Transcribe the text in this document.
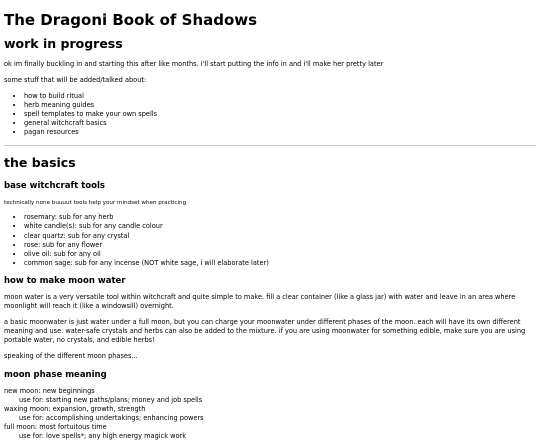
The Dragoni Book of Shadows
work in progress

ok im finally buckling in and starting this after like months. i'll start putting the info in and i'll make her pretty later

some stuff that will be added/talked about:

• how to build ritual
• herb meaning guides
• spell templates to make your own spells
• general witchcraft basics
• pagan resources
the basics
base witchcraft tools

technically none buuuut tools help your mindset when practicing

• rosemary: sub for any herb
• white candle(s): sub for any candle colour
• clear quartz: sub for any crystal
• rose: sub for any flower
• olive oil: sub for any oil
• common sage: sub for any incense (NOT white sage, i will elaborate later)
how to make moon water

moon water is a very versatile tool within witchcraft and quite simple to make. fill a clear container (like a glass jar) with water and leave in an area where moonlight will reach it (like a windowsill) overnight.

a basic moonwater is just water under a full moon, but you can charge your moonwater under different phases of the moon. each will have its own different meaning and use. water-safe crystals and herbs can also be added to the mixture. if you are using moonwater for something edible, make sure you are using portable water, no crystals, and edible herbs!

speaking of the different moon phases...

moon phase meaning
new moon: new beginnings
use for: starting new paths/plans; money and job spells
waxing moon: expansion, growth, strength
use for: accomplishing undertakings; enhancing powers
full moon: most fortuitous time
use for: love spells*; any high energy magick work
